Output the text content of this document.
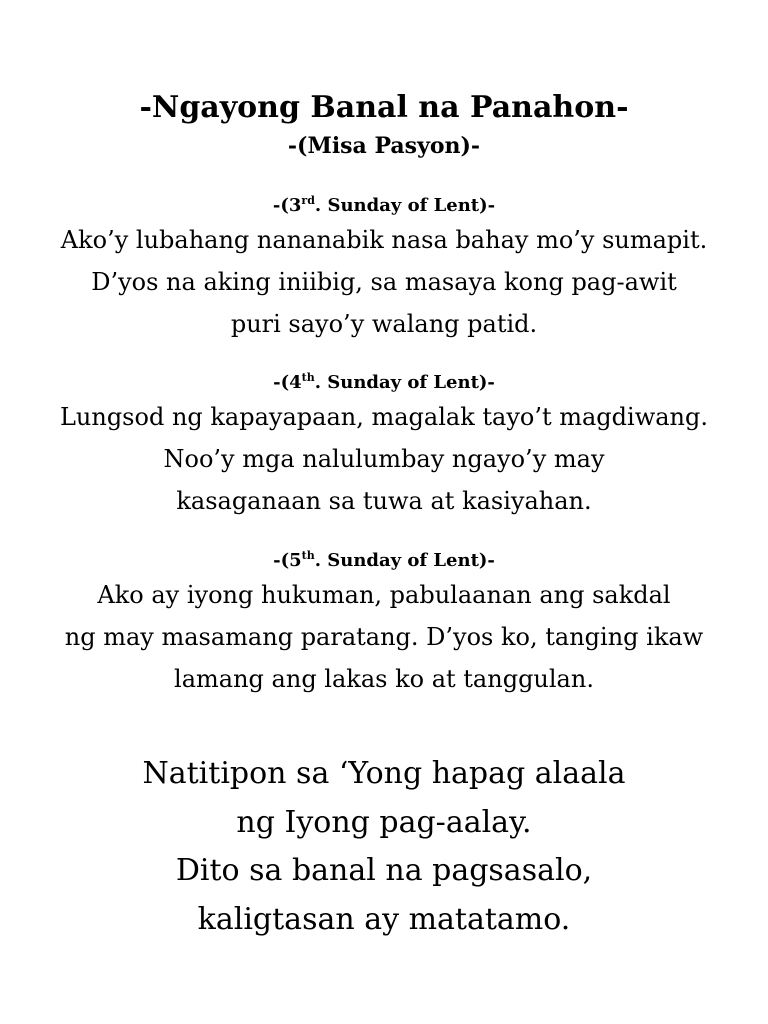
-Ngayong Banal na Panahon-
-(Misa Pasyon)-
-(3rd. Sunday of Lent)-
Ako’y lubahang nananabik nasa bahay mo’y sumapit.
D’yos na aking iniibig, sa masaya kong pag-awit
puri sayo’y walang patid.
-(4th. Sunday of Lent)-
Lungsod ng kapayapaan, magalak tayo’t magdiwang.
Noo’y mga nalulumbay ngayo’y may
kasaganaan sa tuwa at kasiyahan.
-(5th. Sunday of Lent)-
Ako ay iyong hukuman, pabulaanan ang sakdal
ng may masamang paratang. D’yos ko, tanging ikaw
lamang ang lakas ko at tanggulan.
Natitipon sa ‘Yong hapag alaala
ng Iyong pag-aalay.
Dito sa banal na pagsasalo,
kaligtasan ay matatamo.
